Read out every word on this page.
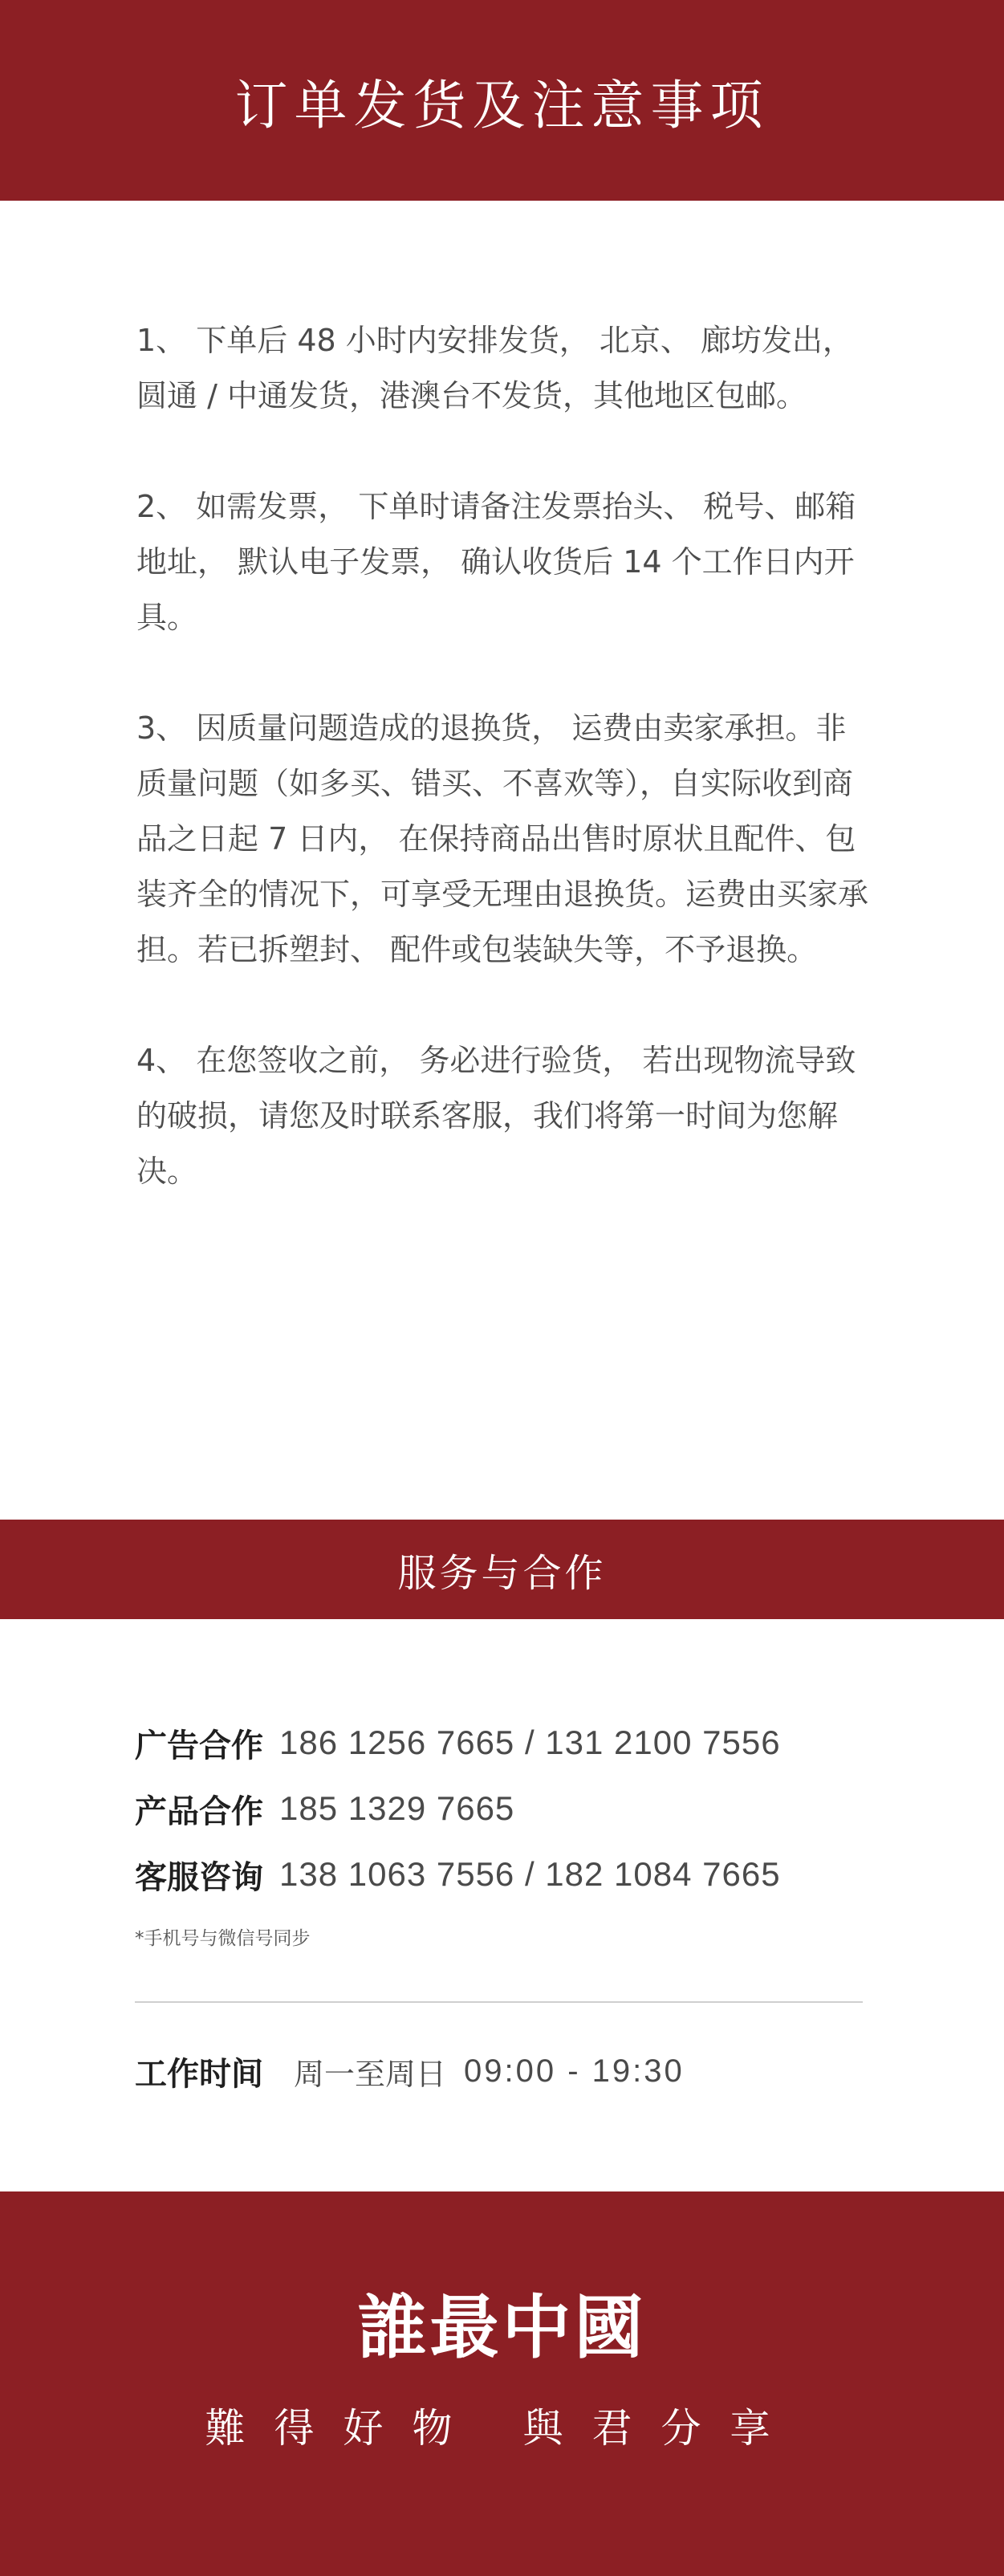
订单发货及注意事项

1、 下单后 48 小时内安排发货， 北京、 廊坊发出，圆通 / 中通发货，港澳台不发货，其他地区包邮。

2、 如需发票， 下单时请备注发票抬头、 税号、邮箱地址， 默认电子发票， 确认收货后 14 个工作日内开具。

3、 因质量问题造成的退换货， 运费由卖家承担。非质量问题（如多买、错买、不喜欢等），自实际收到商品之日起 7 日内， 在保持商品出售时原状且配件、包装齐全的情况下，可享受无理由退换货。运费由买家承担。若已拆塑封、 配件或包装缺失等，不予退换。

4、 在您签收之前， 务必进行验货， 若出现物流导致的破损，请您及时联系客服，我们将第一时间为您解决。

服务与合作
广告合作 186 1256 7665 / 131 2100 7556
产品合作 185 1329 7665
客服咨询 138 1063 7556 / 182 1084 7665
*手机号与微信号同步
工作时间 周一至周日 09:00 - 19:30
誰最中國
難得好物 與君分享
